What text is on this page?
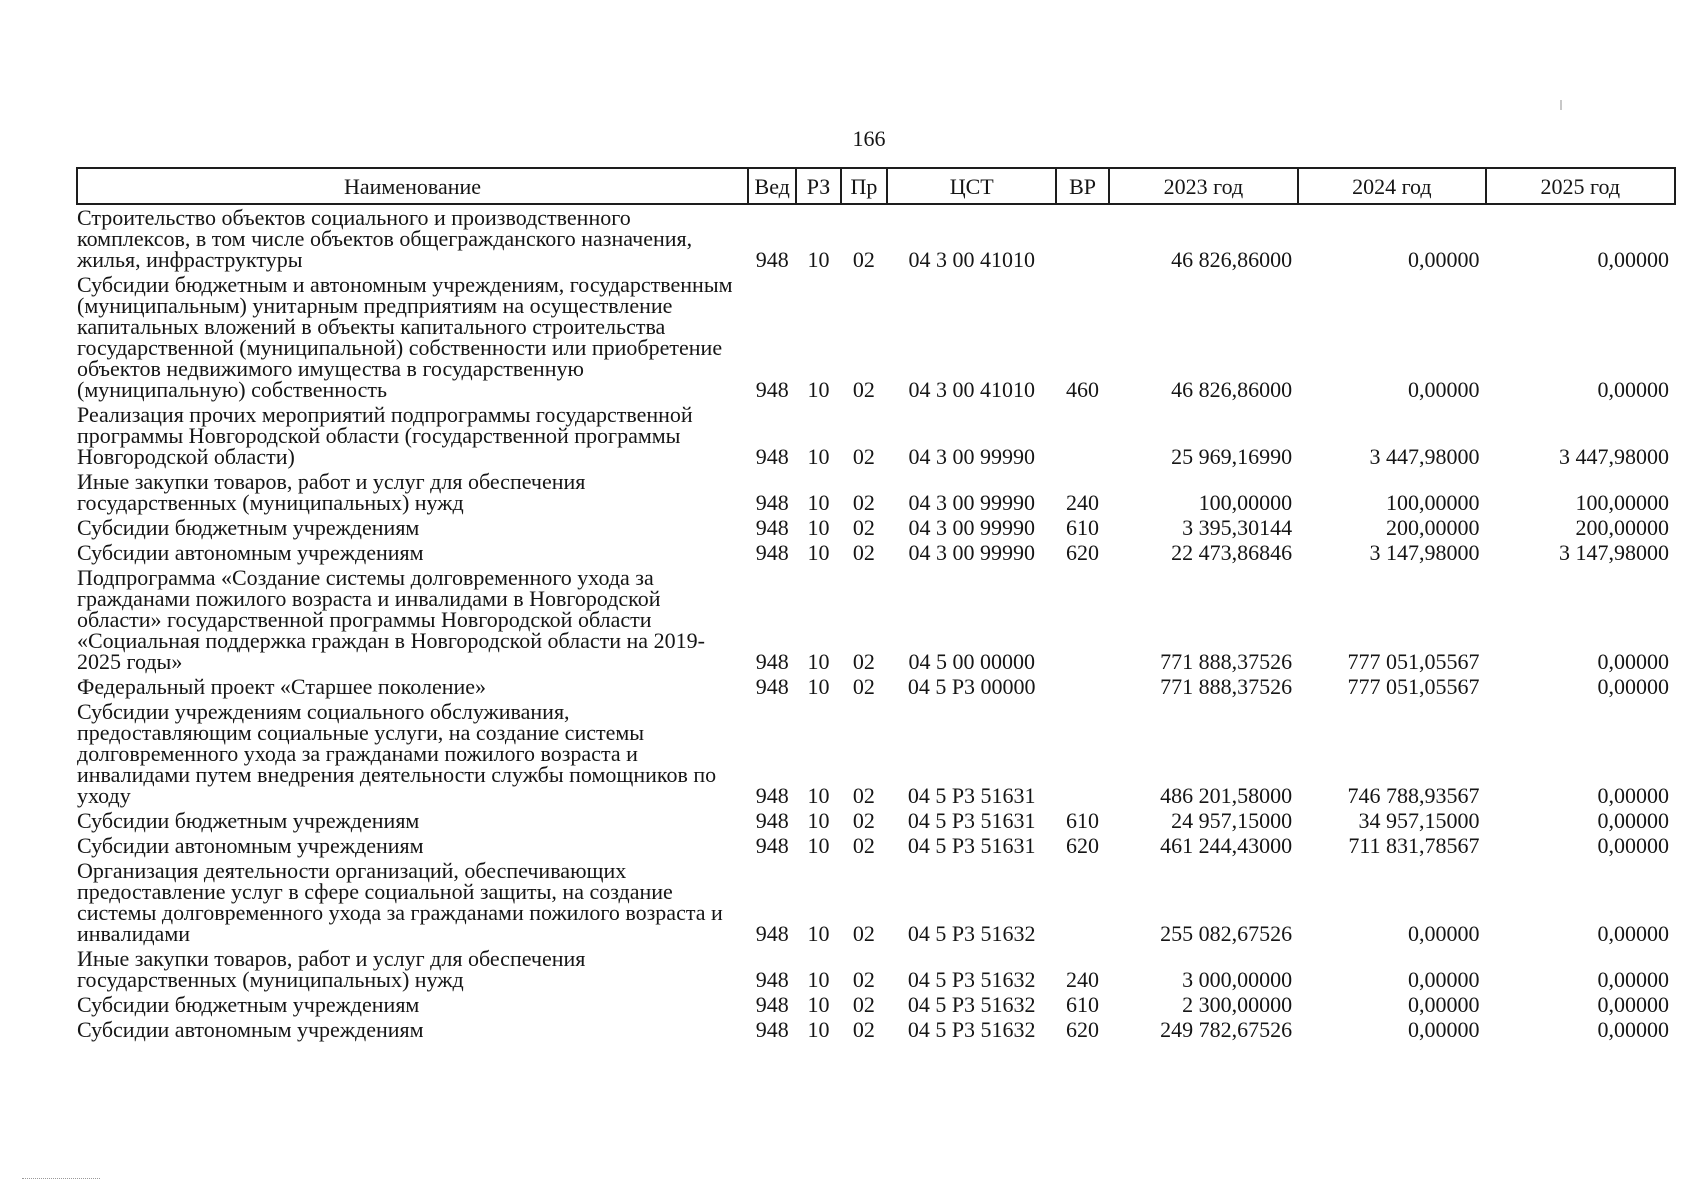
166
Наименование	Вед	РЗ	Пр	ЦСТ	ВР	2023 год	2024 год	2025 год
Строительство объектов социального и производственного комплексов, в том числе объектов общегражданского назначения, жилья, инфраструктуры	948	10	02	04 3 00 41010		46 826,86000	0,00000	0,00000
Субсидии бюджетным и автономным учреждениям, государственным (муниципальным) унитарным предприятиям на осуществление капитальных вложений в объекты капитального строительства государственной (муниципальной) собственности или приобретение объектов недвижимого имущества в государственную (муниципальную) собственность	948	10	02	04 3 00 41010	460	46 826,86000	0,00000	0,00000
Реализация прочих мероприятий подпрограммы государственной программы Новгородской области (государственной программы Новгородской области)	948	10	02	04 3 00 99990		25 969,16990	3 447,98000	3 447,98000
Иные закупки товаров, работ и услуг для обеспечения государственных (муниципальных) нужд	948	10	02	04 3 00 99990	240	100,00000	100,00000	100,00000
Субсидии бюджетным учреждениям	948	10	02	04 3 00 99990	610	3 395,30144	200,00000	200,00000
Субсидии автономным учреждениям	948	10	02	04 3 00 99990	620	22 473,86846	3 147,98000	3 147,98000
Подпрограмма «Создание системы долговременного ухода за гражданами пожилого возраста и инвалидами в Новгородской области» государственной программы Новгородской области «Социальная поддержка граждан в Новгородской области на 2019-2025 годы»	948	10	02	04 5 00 00000		771 888,37526	777 051,05567	0,00000
Федеральный проект «Старшее поколение»	948	10	02	04 5 P3 00000		771 888,37526	777 051,05567	0,00000
Субсидии учреждениям социального обслуживания, предоставляющим социальные услуги, на создание системы долговременного ухода за гражданами пожилого возраста и инвалидами путем внедрения деятельности службы помощников по уходу	948	10	02	04 5 P3 51631		486 201,58000	746 788,93567	0,00000
Субсидии бюджетным учреждениям	948	10	02	04 5 P3 51631	610	24 957,15000	34 957,15000	0,00000
Субсидии автономным учреждениям	948	10	02	04 5 P3 51631	620	461 244,43000	711 831,78567	0,00000
Организация деятельности организаций, обеспечивающих предоставление услуг в сфере социальной защиты, на создание системы долговременного ухода за гражданами пожилого возраста и инвалидами	948	10	02	04 5 P3 51632		255 082,67526	0,00000	0,00000
Иные закупки товаров, работ и услуг для обеспечения государственных (муниципальных) нужд	948	10	02	04 5 P3 51632	240	3 000,00000	0,00000	0,00000
Субсидии бюджетным учреждениям	948	10	02	04 5 P3 51632	610	2 300,00000	0,00000	0,00000
Субсидии автономным учреждениям	948	10	02	04 5 P3 51632	620	249 782,67526	0,00000	0,00000
